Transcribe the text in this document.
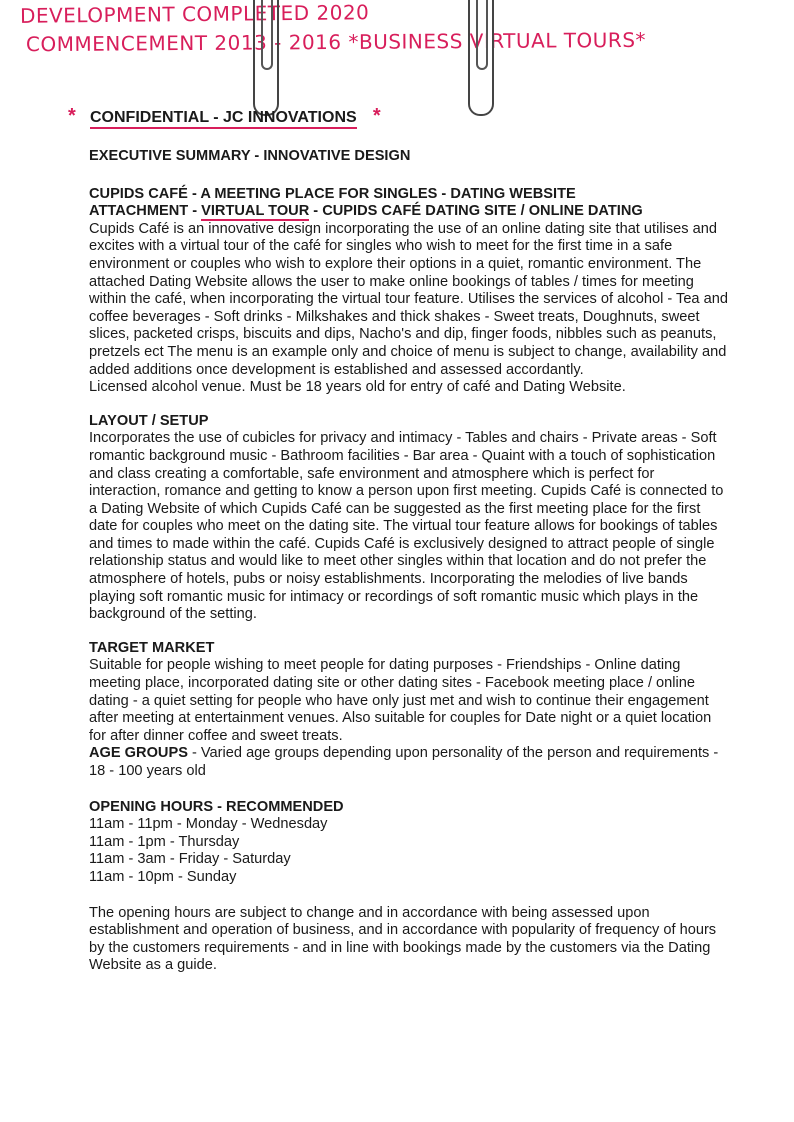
DEVELOPMENT COMPLETED 2020
COMMENCEMENT 2013 - 2016 *BUSINESS VIRTUAL TOURS*
* CONFIDENTIAL - JC INNOVATIONS *

EXECUTIVE SUMMARY - INNOVATIVE DESIGN

CUPIDS CAFÉ - A MEETING PLACE FOR SINGLES - DATING WEBSITE

ATTACHMENT - VIRTUAL TOUR - CUPIDS CAFÉ DATING SITE / ONLINE DATING

Cupids Café is an innovative design incorporating the use of an online dating site that utilises and excites with a virtual tour of the café for singles who wish to meet for the first time in a safe environment or couples who wish to explore their options in a quiet, romantic environment. The attached Dating Website allows the user to make online bookings of tables / times for meeting within the café, when incorporating the virtual tour feature. Utilises the services of alcohol - Tea and coffee beverages - Soft drinks - Milkshakes and thick shakes - Sweet treats, Doughnuts, sweet slices, packeted crisps, biscuits and dips, Nacho's and dip, finger foods, nibbles such as peanuts, pretzels ect The menu is an example only and choice of menu is subject to change, availability and added additions once development is established and assessed accordantly.

Licensed alcohol venue. Must be 18 years old for entry of café and Dating Website.

LAYOUT / SETUP

Incorporates the use of cubicles for privacy and intimacy - Tables and chairs - Private areas - Soft romantic background music - Bathroom facilities - Bar area - Quaint with a touch of sophistication and class creating a comfortable, safe environment and atmosphere which is perfect for interaction, romance and getting to know a person upon first meeting. Cupids Café is connected to a Dating Website of which Cupids Café can be suggested as the first meeting place for the first date for couples who meet on the dating site. The virtual tour feature allows for bookings of tables and times to made within the café. Cupids Café is exclusively designed to attract people of single relationship status and would like to meet other singles within that location and do not prefer the atmosphere of hotels, pubs or noisy establishments. Incorporating the melodies of live bands playing soft romantic music for intimacy or recordings of soft romantic music which plays in the background of the setting.

TARGET MARKET

Suitable for people wishing to meet people for dating purposes - Friendships - Online dating meeting place, incorporated dating site or other dating sites - Facebook meeting place / online dating - a quiet setting for people who have only just met and wish to continue their engagement after meeting at entertainment venues. Also suitable for couples for Date night or a quiet location for after dinner coffee and sweet treats.

AGE GROUPS - Varied age groups depending upon personality of the person and requirements - 18 - 100 years old

OPENING HOURS - RECOMMENDED

11am - 11pm - Monday - Wednesday

11am - 1pm - Thursday

11am - 3am - Friday - Saturday

11am - 10pm - Sunday

The opening hours are subject to change and in accordance with being assessed upon establishment and operation of business, and in accordance with popularity of frequency of hours by the customers requirements - and in line with bookings made by the customers via the Dating Website as a guide.
